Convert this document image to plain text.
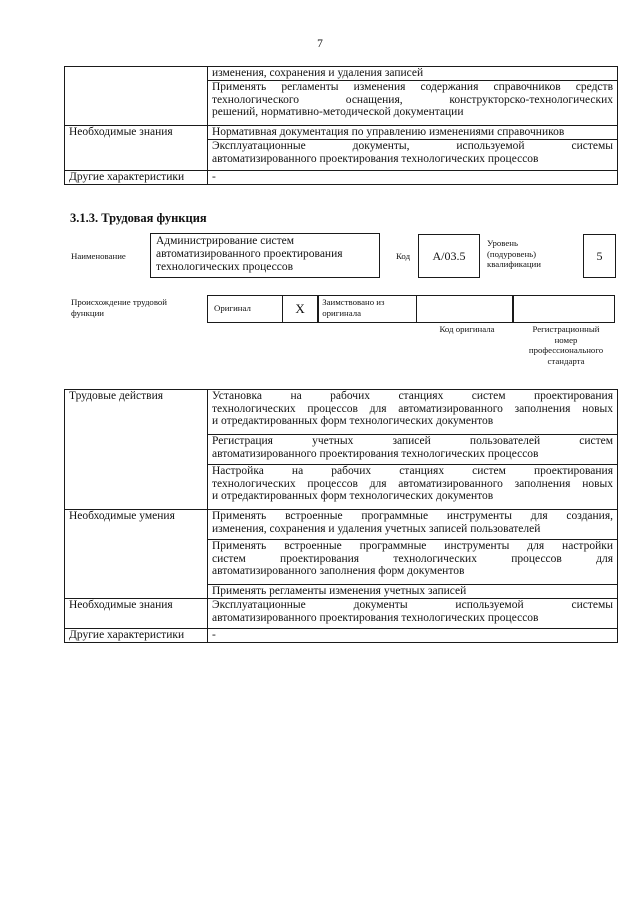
7

	изменения, сохранения и удаления записей

	Применять регламенты изменения содержания справочников средств
технологического оснащения, конструкторско-технологических
решений, нормативно-методической документации

Необходимые знания	Нормативная документация по управлению изменениями справочников

	Эксплуатационные документы, используемой системы
автоматизированного проектирования технологических процессов

Другие характеристики	-
3.1.3. Трудовая функция
Наименование
Администрирование систем
автоматизированного проектирования
технологических процессов
Код A/03.5
Уровень
(подуровень)
квалификации
5
Происхождение трудовой
функции	Оригинал	X Заимствовано из
оригинала
Код оригинала	Регистрационный
номер
профессионального
стандарта
Трудовые действия	Установка на рабочих станциях систем проектирования
технологических процессов для автоматизированного заполнения новых
и отредактированных форм технологических документов

	Регистрация учетных записей пользователей систем
автоматизированного проектирования технологических процессов

	Настройка на рабочих станциях систем проектирования
технологических процессов для автоматизированного заполнения новых
и отредактированных форм технологических документов

Необходимые умения	Применять встроенные программные инструменты для создания,
изменения, сохранения и удаления учетных записей пользователей

	Применять встроенные программные инструменты для настройки
систем проектирования технологических процессов для
автоматизированного заполнения форм документов

	Применять регламенты изменения учетных записей

Необходимые знания	Эксплуатационные документы используемой системы
автоматизированного проектирования технологических процессов

Другие характеристики	-
